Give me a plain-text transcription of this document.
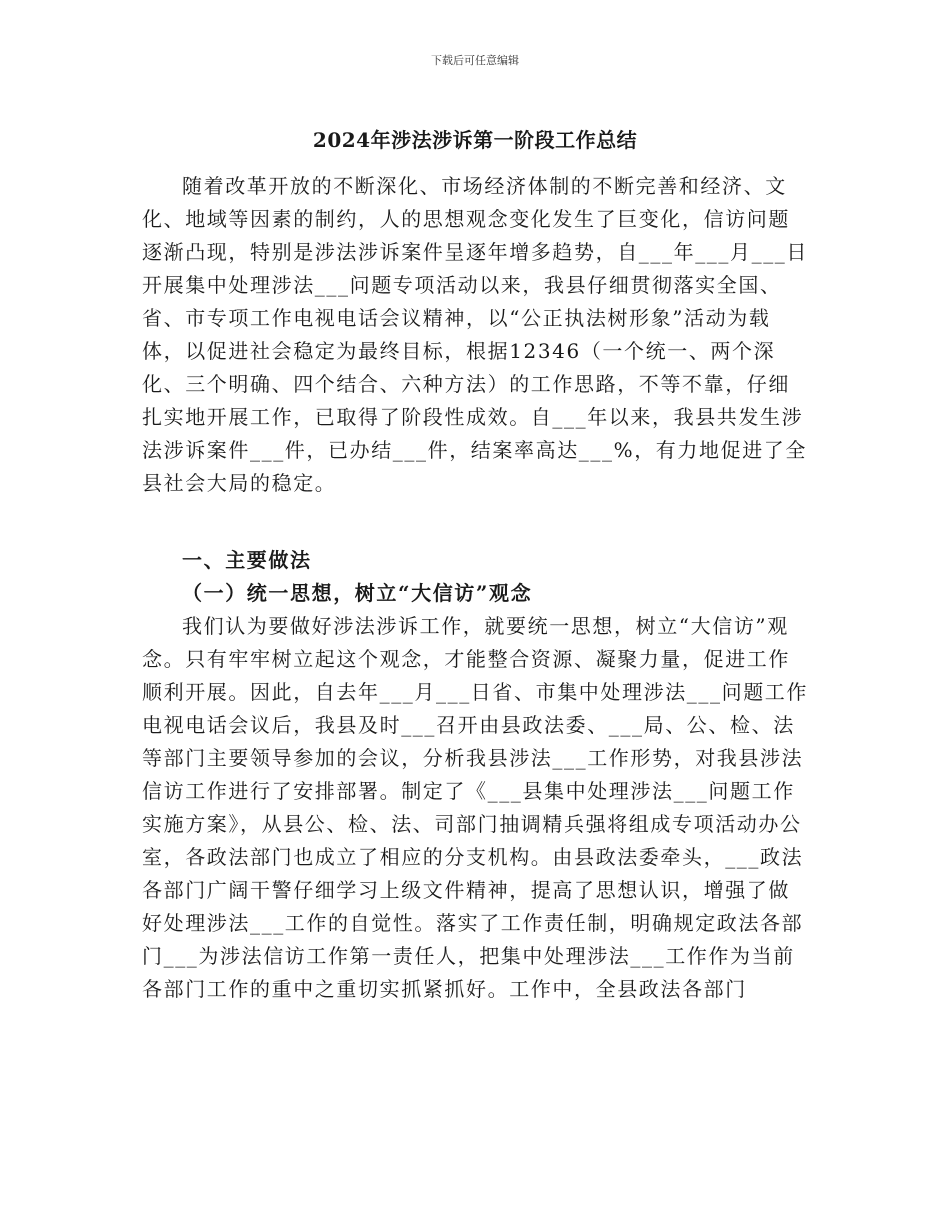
下载后可任意编辑
2024年涉法涉诉第一阶段工作总结

随着改革开放的不断深化、市场经济体制的不断完善和经济、文化、地域等因素的制约，人的思想观念变化发生了巨变化，信访问题逐渐凸现，特别是涉法涉诉案件呈逐年增多趋势，自___年___月___日开展集中处理涉法___问题专项活动以来，我县仔细贯彻落实全国、省、市专项工作电视电话会议精神，以“公正执法树形象”活动为载体，以促进社会稳定为最终目标，根据12346（一个统一、两个深化、三个明确、四个结合、六种方法）的工作思路，不等不靠，仔细扎实地开展工作，已取得了阶段性成效。自___年以来，我县共发生涉法涉诉案件___件，已办结___件，结案率高达___%，有力地促进了全县社会大局的稳定。

一、主要做法

（一）统一思想，树立“大信访”观念

我们认为要做好涉法涉诉工作，就要统一思想，树立“大信访”观念。只有牢牢树立起这个观念，才能整合资源、凝聚力量，促进工作顺利开展。因此，自去年___月___日省、市集中处理涉法___问题工作电视电话会议后，我县及时___召开由县政法委、___局、公、检、法等部门主要领导参加的会议，分析我县涉法___工作形势，对我县涉法信访工作进行了安排部署。制定了《___县集中处理涉法___问题工作实施方案》，从县公、检、法、司部门抽调精兵强将组成专项活动办公室，各政法部门也成立了相应的分支机构。由县政法委牵头，___政法各部门广阔干警仔细学习上级文件精神，提高了思想认识，增强了做好处理涉法___工作的自觉性。落实了工作责任制，明确规定政法各部门___为涉法信访工作第一责任人，把集中处理涉法___工作作为当前各部门工作的重中之重切实抓紧抓好。工作中，全县政法各部门
